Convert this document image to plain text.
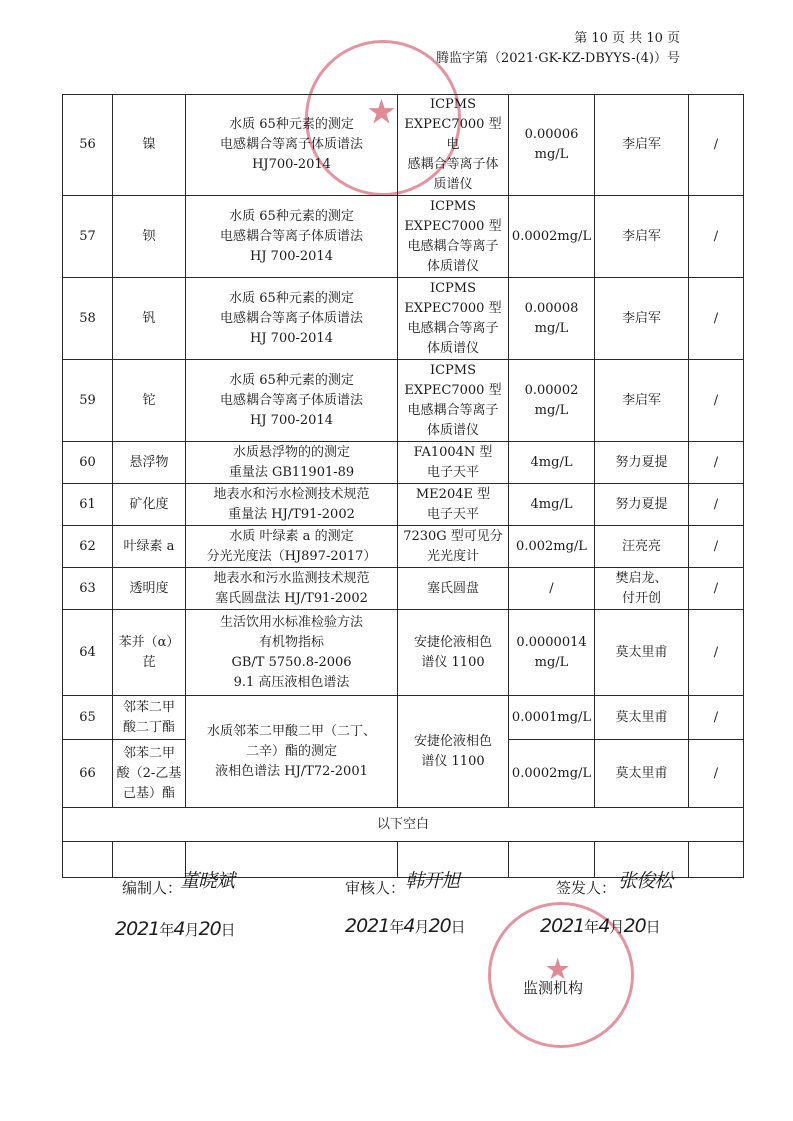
第 10 页 共 10 页
腾监字第（2021·GK-KZ-DBYYS-(4)）号
★
★
56	镍	水质 65种元素的测定
电感耦合等离子体质谱法
HJ700-2014	ICPMS
EXPEC7000 型电
感耦合等离子体
质谱仪	0.00006
mg/L	李启军	/
57	钡	水质 65种元素的测定
电感耦合等离子体质谱法
HJ 700-2014	ICPMS
EXPEC7000 型
电感耦合等离子
体质谱仪	0.0002mg/L	李启军	/
58	钒	水质 65种元素的测定
电感耦合等离子体质谱法
HJ 700-2014	ICPMS
EXPEC7000 型
电感耦合等离子
体质谱仪	0.00008
mg/L	李启军	/
59	铊	水质 65种元素的测定
电感耦合等离子体质谱法
HJ 700-2014	ICPMS
EXPEC7000 型
电感耦合等离子
体质谱仪	0.00002
mg/L	李启军	/
60	悬浮物	水质悬浮物的的测定
重量法 GB11901-89	FA1004N 型
电子天平	4mg/L	努力夏提	/
61	矿化度	地表水和污水检测技术规范
重量法 HJ/T91-2002	ME204E 型
电子天平	4mg/L	努力夏提	/
62	叶绿素 a	水质 叶绿素 a 的测定
分光光度法（HJ897-2017）	7230G 型可见分
光光度计	0.002mg/L	汪亮亮	/
63	透明度	地表水和污水监测技术规范
塞氏圆盘法 HJ/T91-2002	塞氏圆盘	/	樊启龙、
付开创	/
64	苯并（α）
芘	生活饮用水标准检验方法
有机物指标
GB/T 5750.8-2006
9.1 高压液相色谱法	安捷伦液相色
谱仪 1100	0.0000014
mg/L	莫太里甫	/
65	邻苯二甲
酸二丁酯	水质邻苯二甲酸二甲（二丁、
二辛）酯的测定
液相色谱法 HJ/T72-2001	安捷伦液相色
谱仪 1100	0.0001mg/L	莫太里甫	/
66	邻苯二甲
酸（2-乙基
己基）酯			0.0002mg/L	莫太里甫	/
以下空白						

编制人：
董晓斌	审核人： 韩开旭	签发人： 张俊松
2021年4月20日	2021年4月20日	2021年4月20日
监测机构
